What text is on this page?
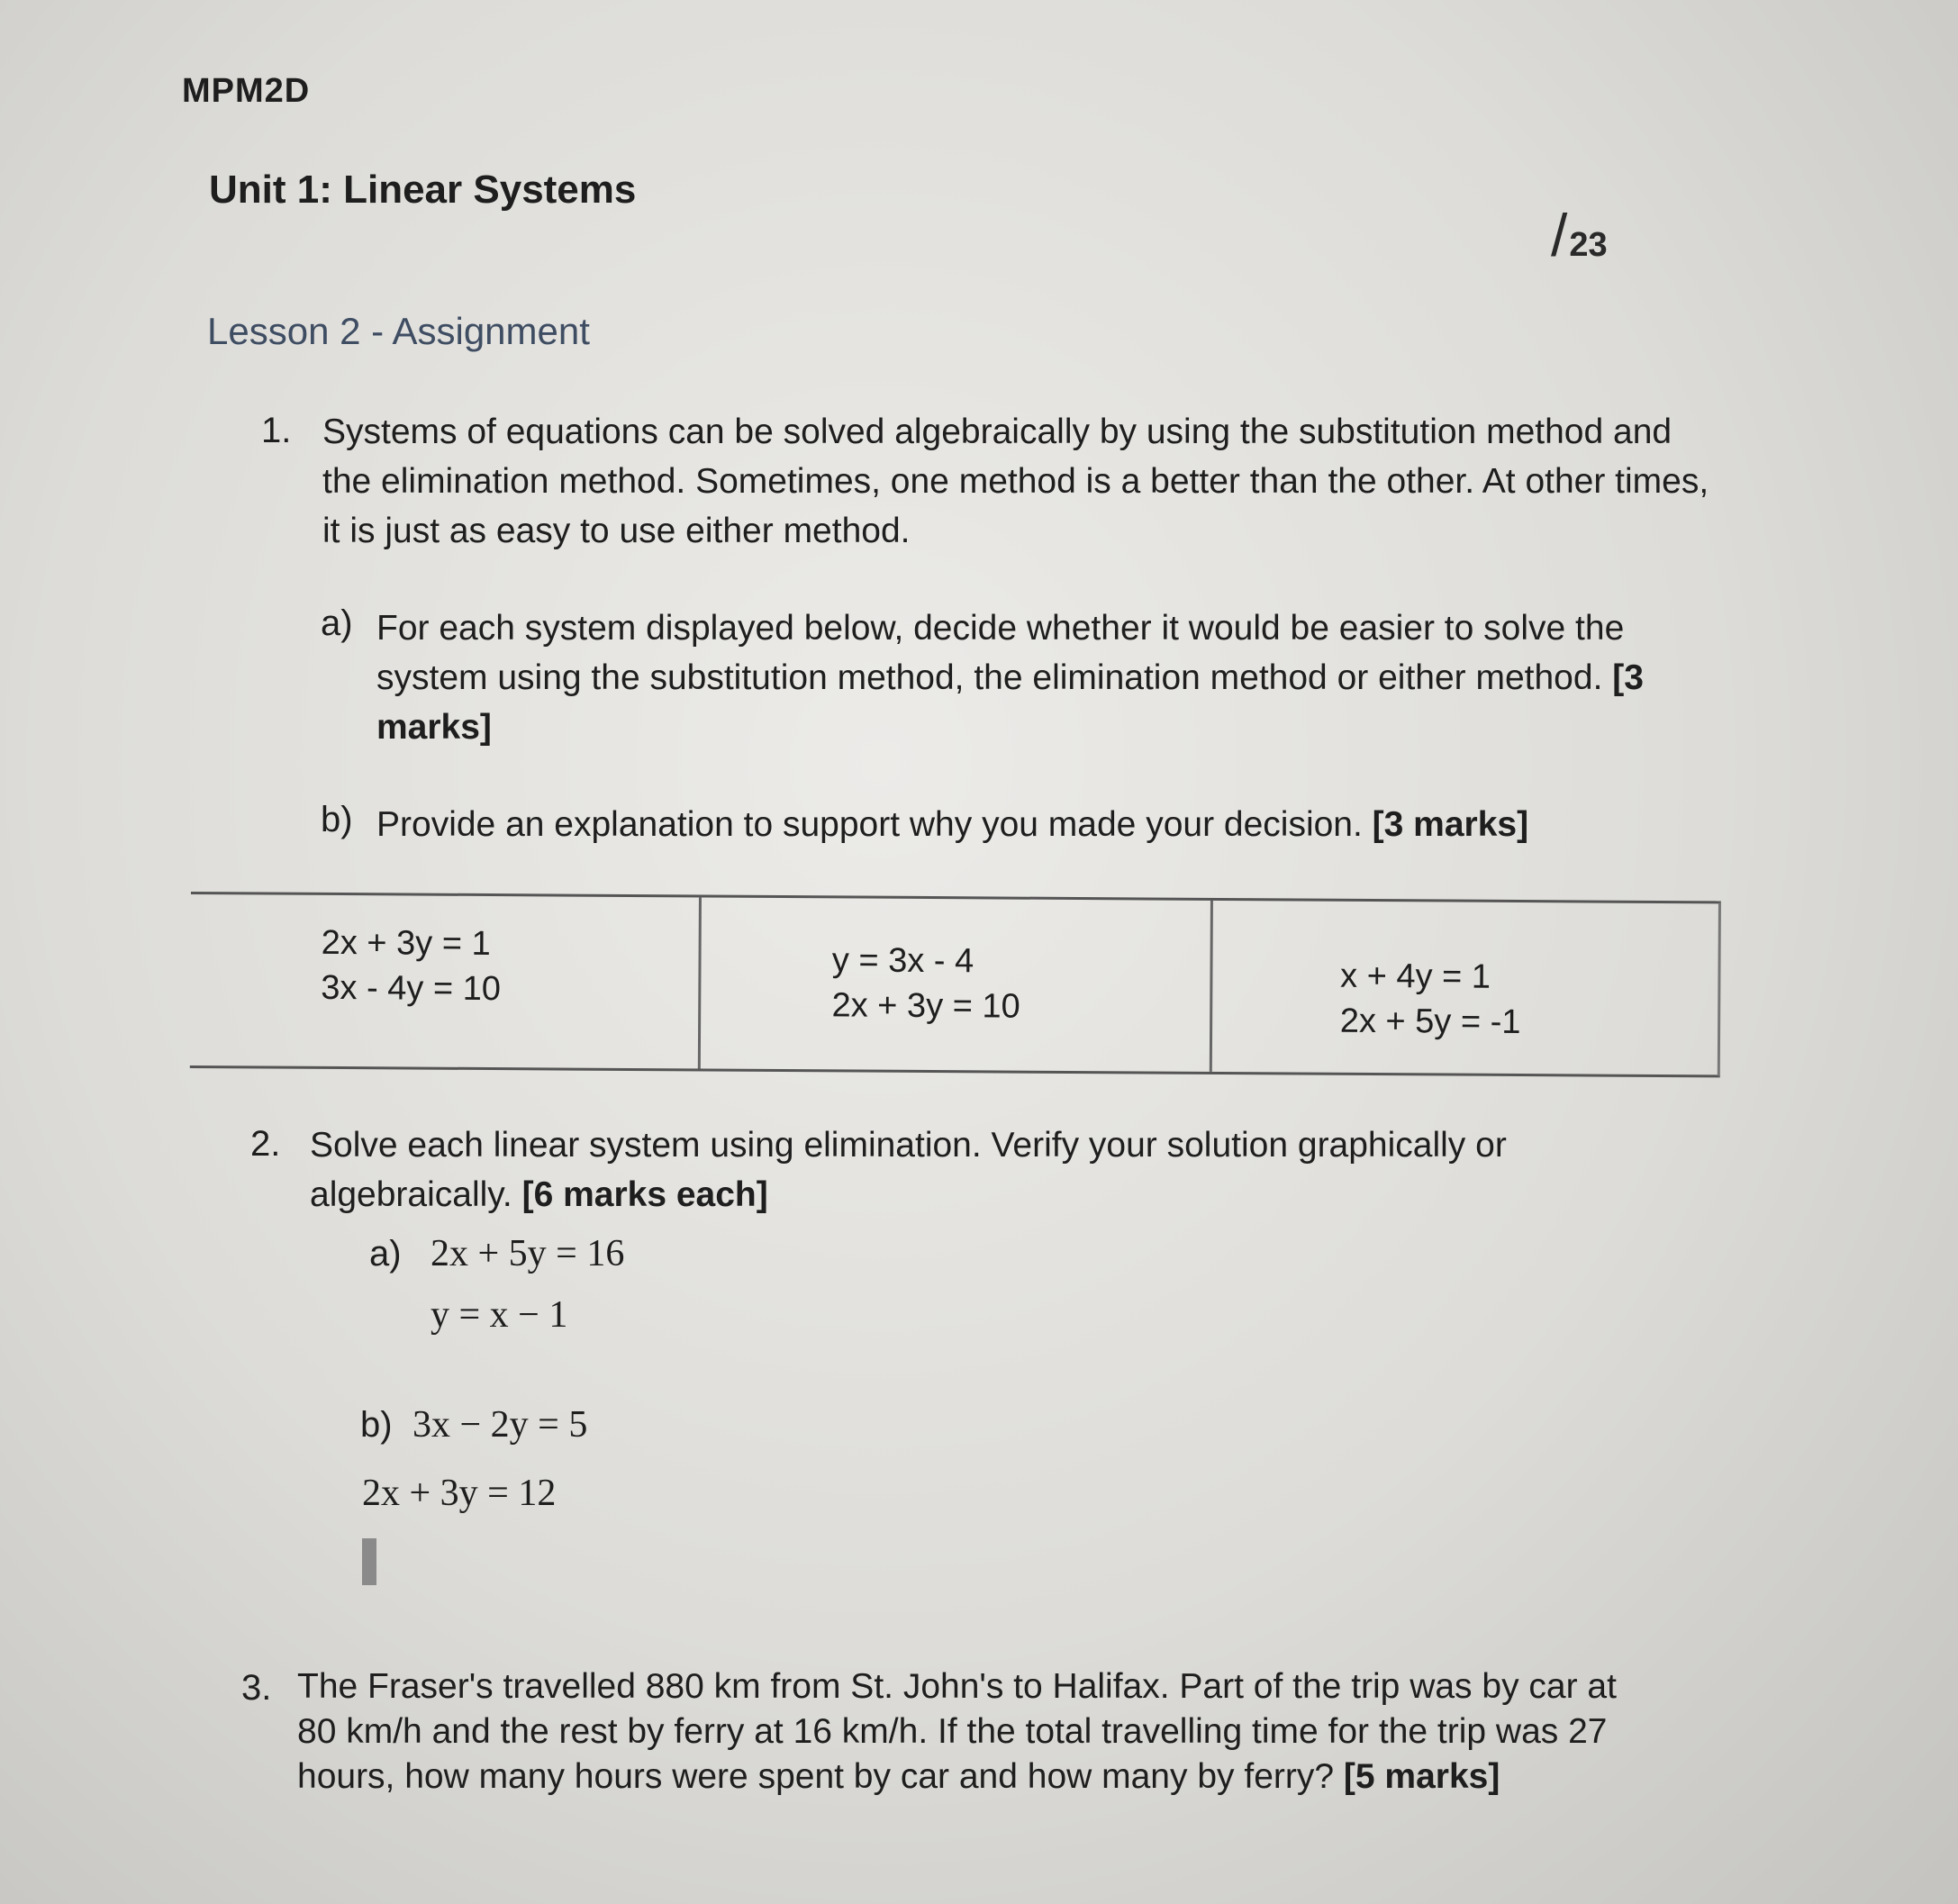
MPM2D
Unit 1: Linear Systems
/ 23
Lesson 2 - Assignment
1. Systems of equations can be solved algebraically by using the substitution method and the elimination method. Sometimes, one method is a better than the other. At other times, it is just as easy to use either method.
a) For each system displayed below, decide whether it would be easier to solve the system using the substitution method, the elimination method or either method. [3 marks]
b) Provide an explanation to support why you made your decision. [3 marks]
2x + 3y = 1
3x - 4y = 10
y = 3x - 4
2x + 3y = 10
x + 4y = 1
2x + 5y = -1
2. Solve each linear system using elimination. Verify your solution graphically or algebraically. [6 marks each]
a) 2x + 5y = 16
y = x − 1
b) 3x − 2y = 5
2x + 3y = 12
3. The Fraser's travelled 880 km from St. John's to Halifax. Part of the trip was by car at 80 km/h and the rest by ferry at 16 km/h. If the total travelling time for the trip was 27 hours, how many hours were spent by car and how many by ferry? [5 marks]
